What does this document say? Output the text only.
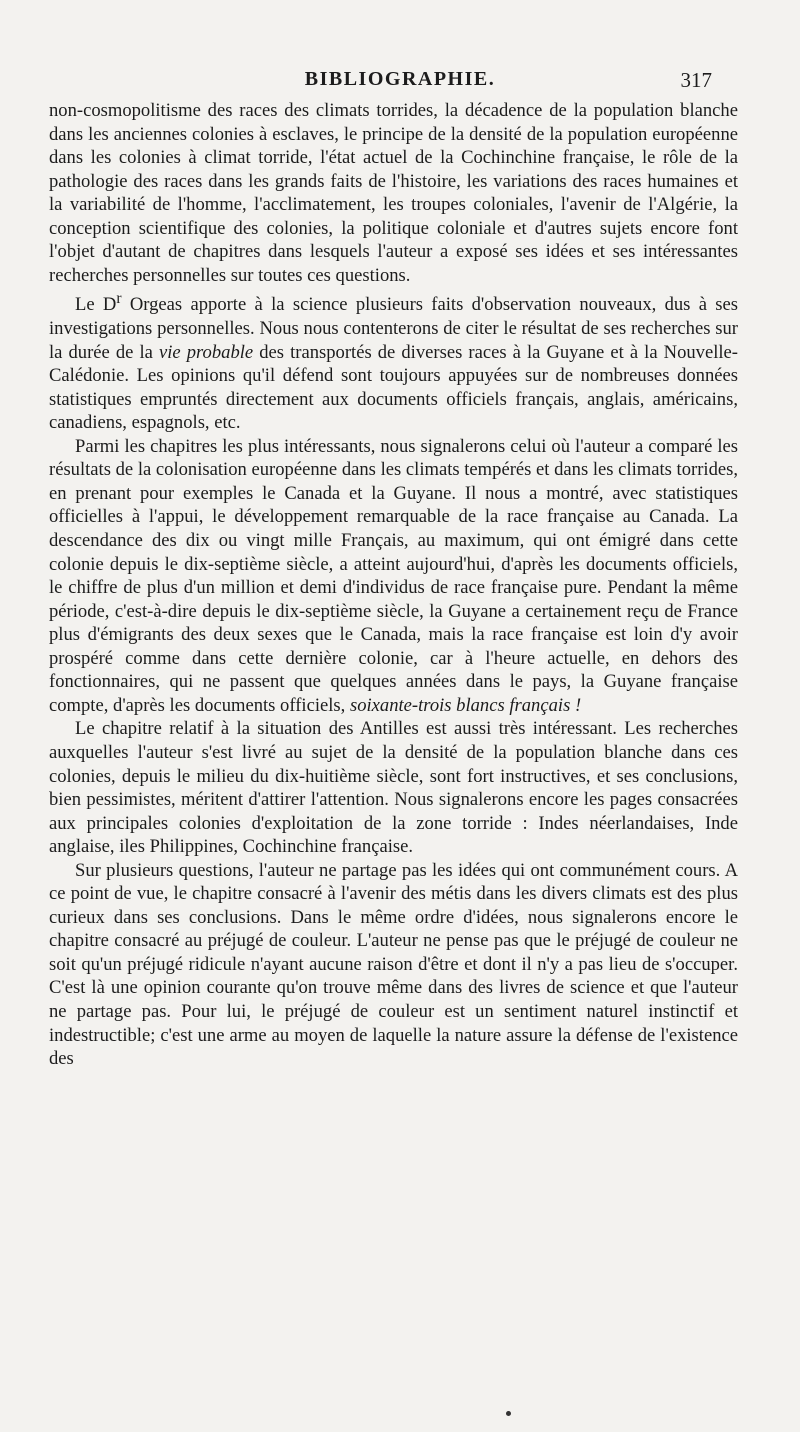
BIBLIOGRAPHIE.	317

non-cosmopolitisme des races des climats torrides, la décadence de la population blanche dans les anciennes colonies à esclaves, le principe de la densité de la population européenne dans les colonies à climat torride, l'état actuel de la Cochinchine française, le rôle de la pathologie des races dans les grands faits de l'histoire, les variations des races humaines et la variabilité de l'homme, l'acclimatement, les troupes coloniales, l'avenir de l'Algérie, la conception scientifique des colonies, la politique coloniale et d'autres sujets encore font l'objet d'autant de chapitres dans lesquels l'auteur a exposé ses idées et ses intéressantes recherches personnelles sur toutes ces questions.

Le $D^r$ Orgeas apporte à la science plusieurs faits d'observation nouveaux, dus à ses investigations personnelles. Nous nous contenterons de citer le résultat de ses recherches sur la durée de la vie probable des transportés de diverses races à la Guyane et à la Nouvelle-Calédonie. Les opinions qu'il défend sont toujours appuyées sur de nombreuses données statistiques empruntés directement aux documents officiels français, anglais, américains, canadiens, espagnols, etc.

Parmi les chapitres les plus intéressants, nous signalerons celui où l'auteur a comparé les résultats de la colonisation européenne dans les climats tempérés et dans les climats torrides, en prenant pour exemples le Canada et la Guyane. Il nous a montré, avec statistiques officielles à l'appui, le développement remarquable de la race française au Canada. La descendance des dix ou vingt mille Français, au maximum, qui ont émigré dans cette colonie depuis le dix-septième siècle, a atteint aujourd'hui, d'après les documents officiels, le chiffre de plus d'un million et demi d'individus de race française pure. Pendant la même période, c'est-à-dire depuis le dix-septième siècle, la Guyane a certainement reçu de France plus d'émigrants des deux sexes que le Canada, mais la race française est loin d'y avoir prospéré comme dans cette dernière colonie, car à l'heure actuelle, en dehors des fonctionnaires, qui ne passent que quelques années dans le pays, la Guyane française compte, d'après les documents officiels, soixante-trois blancs français !

Le chapitre relatif à la situation des Antilles est aussi très intéressant. Les recherches auxquelles l'auteur s'est livré au sujet de la densité de la population blanche dans ces colonies, depuis le milieu du dix-huitième siècle, sont fort instructives, et ses conclusions, bien pessimistes, méritent d'attirer l'attention. Nous signalerons encore les pages consacrées aux principales colonies d'exploitation de la zone torride : Indes néerlandaises, Inde anglaise, iles Philippines, Cochinchine française.

Sur plusieurs questions, l'auteur ne partage pas les idées qui ont communément cours. A ce point de vue, le chapitre consacré à l'avenir des métis dans les divers climats est des plus curieux dans ses conclusions. Dans le même ordre d'idées, nous signalerons encore le chapitre consacré au préjugé de couleur. L'auteur ne pense pas que le préjugé de couleur ne soit qu'un préjugé ridicule n'ayant aucune raison d'être et dont il n'y a pas lieu de s'occuper. C'est là une opinion courante qu'on trouve même dans des livres de science et que l'auteur ne partage pas. Pour lui, le préjugé de couleur est un sentiment naturel instinctif et indestructible; c'est une arme au moyen de laquelle la nature assure la défense de l'existence des
